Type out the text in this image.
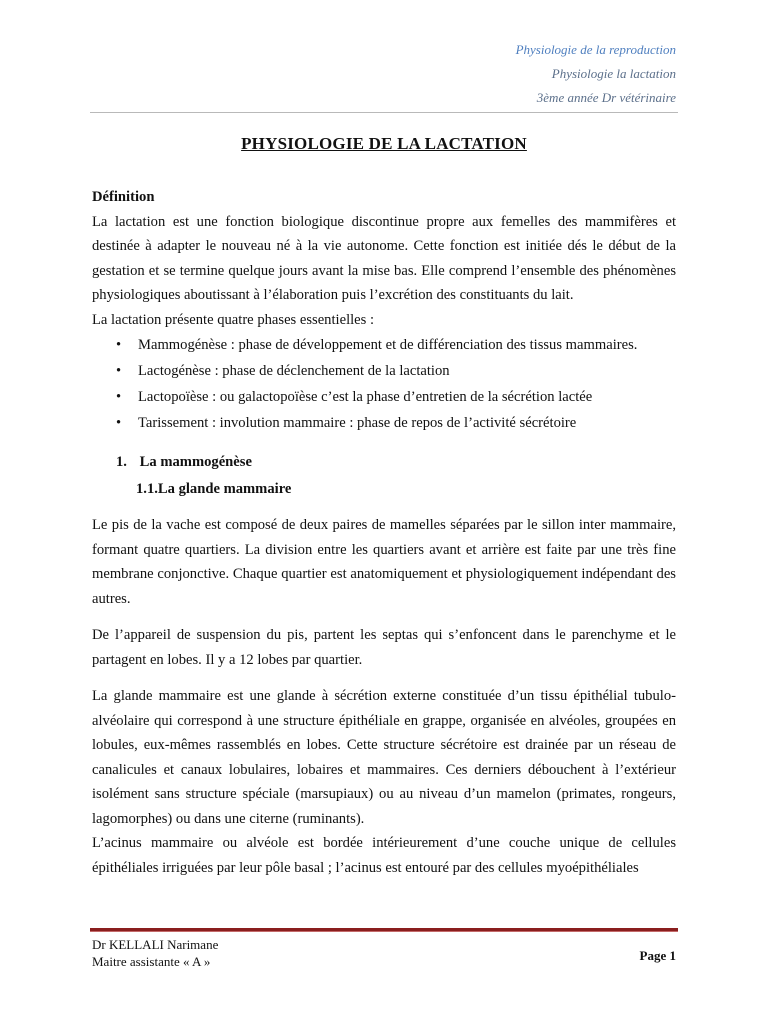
Physiologie de la reproduction
Physiologie la lactation
3ème année Dr vétérinaire
PHYSIOLOGIE DE LA LACTATION

Définition

La lactation est une fonction biologique discontinue propre aux femelles des mammifères et destinée à adapter le nouveau né à la vie autonome. Cette fonction est initiée dés le début de la gestation et se termine quelque jours avant la mise bas. Elle comprend l’ensemble des phénomènes physiologiques aboutissant à l’élaboration puis l’excrétion des constituants du lait.

La lactation présente quatre phases essentielles :

• Mammogénèse : phase de développement et de différenciation des tissus mammaires.
• Lactogénèse : phase de déclenchement de la lactation
• Lactopoïèse : ou galactopoïèse c’est la phase d’entretien de la sécrétion lactée
• Tarissement : involution mammaire : phase de repos de l’activité sécrétoire
1. La mammogénèse
1.1.La glande mammaire

Le pis de la vache est composé de deux paires de mamelles séparées par le sillon inter mammaire, formant quatre quartiers. La division entre les quartiers avant et arrière est faite par une très fine membrane conjonctive. Chaque quartier est anatomiquement et physiologiquement indépendant des autres.

De l’appareil de suspension du pis, partent les septas qui s’enfoncent dans le parenchyme et le partagent en lobes. Il y a 12 lobes par quartier.

La glande mammaire est une glande à sécrétion externe constituée d’un tissu épithélial tubulo-alvéolaire qui correspond à une structure épithéliale en grappe, organisée en alvéoles, groupées en lobules, eux-mêmes rassemblés en lobes. Cette structure sécrétoire est drainée par un réseau de canalicules et canaux lobulaires, lobaires et mammaires. Ces derniers débouchent à l’extérieur isolément sans structure spéciale (marsupiaux) ou au niveau d’un mamelon (primates, rongeurs, lagomorphes) ou dans une citerne (ruminants).

L’acinus mammaire ou alvéole est bordée intérieurement d’une couche unique de cellules épithéliales irriguées par leur pôle basal ; l’acinus est entouré par des cellules myoépithéliales

Dr KELLALI Narimane
Maitre assistante « A »	Page 1
